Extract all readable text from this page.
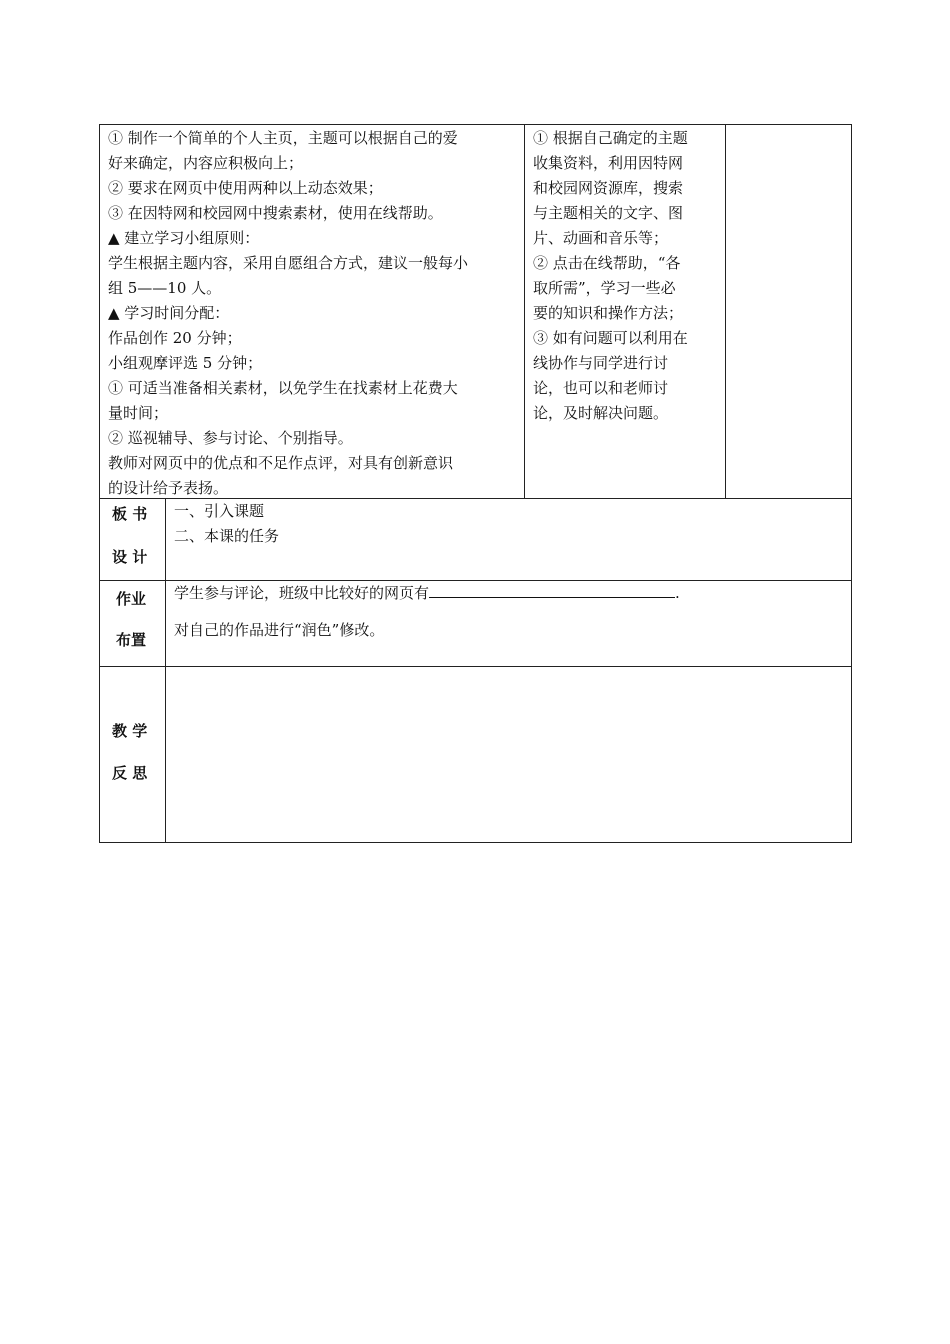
① 制作一个简单的个人主页，主题可以根据自己的爱
好来确定，内容应积极向上；
② 要求在网页中使用两种以上动态效果；
③ 在因特网和校园网中搜索素材，使用在线帮助。
▲ 建立学习小组原则：
学生根据主题内容，采用自愿组合方式，建议一般每小
组 5——10 人。
▲ 学习时间分配：
作品创作 20 分钟；
小组观摩评选 5 分钟；
① 可适当准备相关素材，以免学生在找素材上花费大
量时间；
② 巡视辅导、参与讨论、个别指导。
教师对网页中的优点和不足作点评，对具有创新意识
的设计给予表扬。
① 根据自己确定的主题
收集资料，利用因特网
和校园网资源库，搜索
与主题相关的文字、图
片、动画和音乐等；
② 点击在线帮助，“各
取所需”，学习一些必
要的知识和操作方法；
③ 如有问题可以利用在
线协作与同学进行讨
论，也可以和老师讨
论，及时解决问题。
板 书
设 计
一、引入课题
二、本课的任务
作业
布置
学生参与评论，班级中比较好的网页有	.
对自己的作品进行“润色”修改。
教 学
反 思
